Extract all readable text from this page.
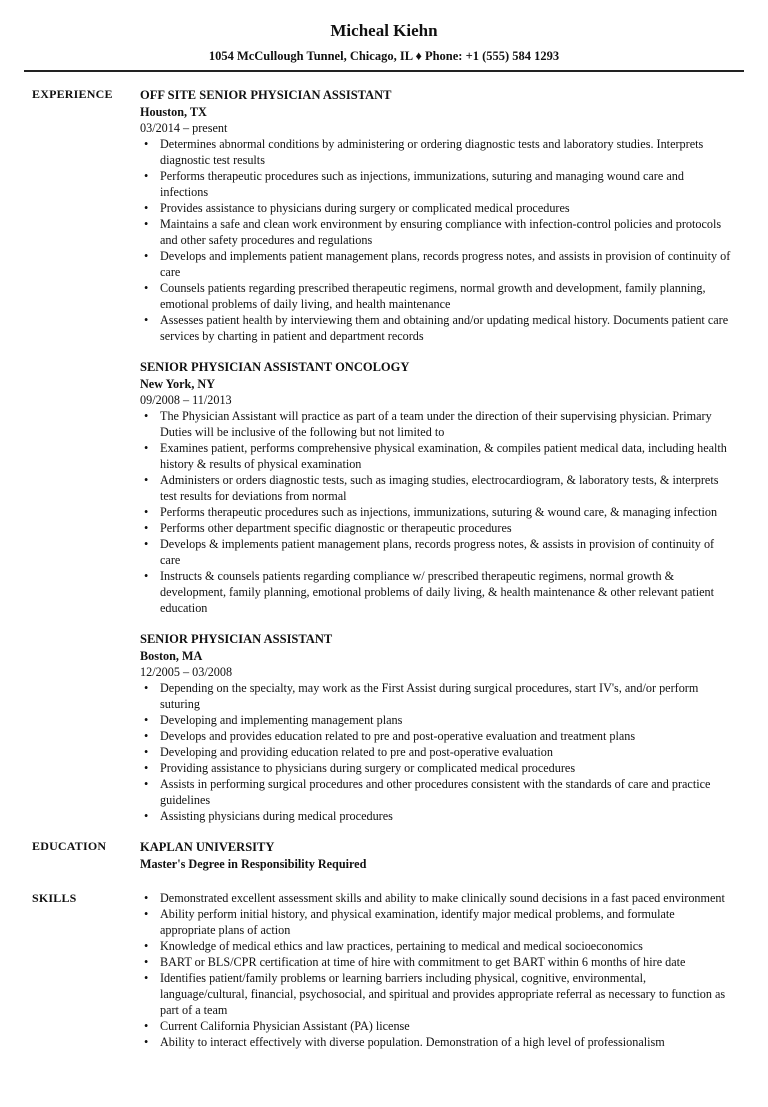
Micheal Kiehn
1054 McCullough Tunnel, Chicago, IL ♦ Phone: +1 (555) 584 1293
EXPERIENCE OFF SITE SENIOR PHYSICIAN ASSISTANT
Houston, TX
03/2014 – present
• Determines abnormal conditions by administering or ordering diagnostic tests and laboratory studies. Interprets diagnostic test results
• Performs therapeutic procedures such as injections, immunizations, suturing and managing wound care and infections
• Provides assistance to physicians during surgery or complicated medical procedures
• Maintains a safe and clean work environment by ensuring compliance with infection-control policies and protocols and other safety procedures and regulations
• Develops and implements patient management plans, records progress notes, and assists in provision of continuity of care
• Counsels patients regarding prescribed therapeutic regimens, normal growth and development, family planning, emotional problems of daily living, and health maintenance
• Assesses patient health by interviewing them and obtaining and/or updating medical history. Documents patient care services by charting in patient and department records
SENIOR PHYSICIAN ASSISTANT ONCOLOGY
New York, NY
09/2008 – 11/2013
• The Physician Assistant will practice as part of a team under the direction of their supervising physician. Primary Duties will be inclusive of the following but not limited to
• Examines patient, performs comprehensive physical examination, & compiles patient medical data, including health history & results of physical examination
• Administers or orders diagnostic tests, such as imaging studies, electrocardiogram, & laboratory tests, & interprets test results for deviations from normal
• Performs therapeutic procedures such as injections, immunizations, suturing & wound care, & managing infection
• Performs other department specific diagnostic or therapeutic procedures
• Develops & implements patient management plans, records progress notes, & assists in provision of continuity of care
• Instructs & counsels patients regarding compliance w/ prescribed therapeutic regimens, normal growth & development, family planning, emotional problems of daily living, & health maintenance & other relevant patient education
SENIOR PHYSICIAN ASSISTANT
Boston, MA
12/2005 – 03/2008
• Depending on the specialty, may work as the First Assist during surgical procedures, start IV's, and/or perform suturing
• Developing and implementing management plans
• Develops and provides education related to pre and post-operative evaluation and treatment plans
• Developing and providing education related to pre and post-operative evaluation
• Providing assistance to physicians during surgery or complicated medical procedures
• Assists in performing surgical procedures and other procedures consistent with the standards of care and practice guidelines
• Assisting physicians during medical procedures
EDUCATION	KAPLAN UNIVERSITY
Master's Degree in Responsibility Required
SKILLS
•	Demonstrated excellent assessment skills and ability to make clinically sound decisions in a fast paced environment
• Ability perform initial history, and physical examination, identify major medical problems, and formulate appropriate plans of action
• Knowledge of medical ethics and law practices, pertaining to medical and medical socioeconomics
• BART or BLS/CPR certification at time of hire with commitment to get BART within 6 months of hire date
• Identifies patient/family problems or learning barriers including physical, cognitive, environmental, language/cultural, financial, psychosocial, and spiritual and provides appropriate referral as necessary to function as part of a team
• Current California Physician Assistant (PA) license
• Ability to interact effectively with diverse population. Demonstration of a high level of professionalism
